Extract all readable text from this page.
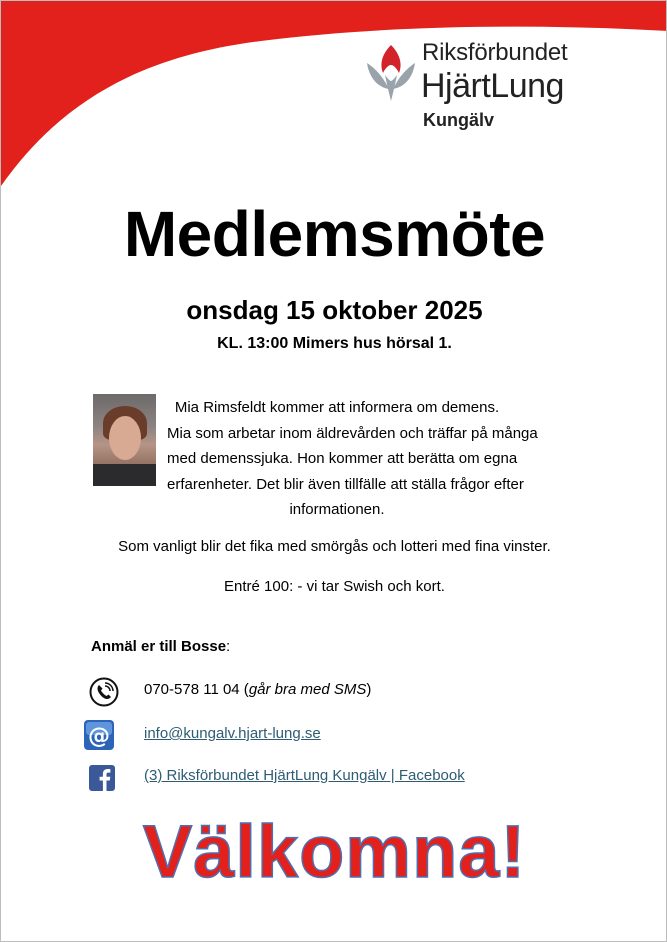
Riksförbundet
HjärtLung
Kungälv
Medlemsmöte
onsdag 15 oktober 2025
KL. 13:00 Mimers hus hörsal 1.
Mia Rimsfeldt kommer att informera om demens.
Mia som arbetar inom äldrevården och träffar på många
med demenssjuka. Hon kommer att berätta om egna
erfarenheter. Det blir även tillfälle att ställa frågor efter
informationen.
Som vanligt blir det fika med smörgås och lotteri med fina vinster.
Entré 100: - vi tar Swish och kort.
Anmäl er till Bosse:
070-578 11 04 (går bra med SMS)
@ info@kungalv.hjart-lung.se
(3) Riksförbundet HjärtLung Kungälv | Facebook
Välkomna!
